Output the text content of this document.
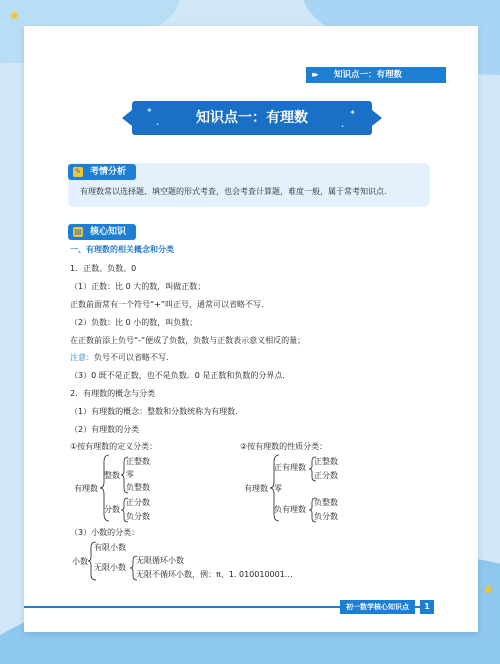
★
★
▸▸ 知识点一：有理数
✦
·
✦
·
知识点一：有理数
✎ 考情分析
有理数常以选择题、填空题的形式考查，也会考查计算题，难度一般，属于常考知识点.
▤ 核心知识
一、有理数的相关概念和分类
1．正数、负数、0
（1）正数：比 0 大的数，叫做正数；
正数前面常有一个符号“+”叫正号，通常可以省略不写.
（2）负数：比 0 小的数，叫负数；
在正数前添上负号“-”便成了负数，负数与正数表示意义相反的量；
注意：负号不可以省略不写.
（3）0 既不是正数，也不是负数．0 是正数和负数的分界点.
2．有理数的概念与分类
（1）有理数的概念：整数和分数统称为有理数.
（2）有理数的分类
①按有理数的定义分类：
有理数
整数
分数
正整数
零
负整数
正分数
负分数
②按有理数的性质分类：
有理数
正有理数
零
负有理数
正整数
正分数
负整数
负分数
（3）小数的分类：
小数
有限小数
无限小数
无限循环小数
无限不循环小数，例：π、1. 010010001…
初一数学核心知识点	1
